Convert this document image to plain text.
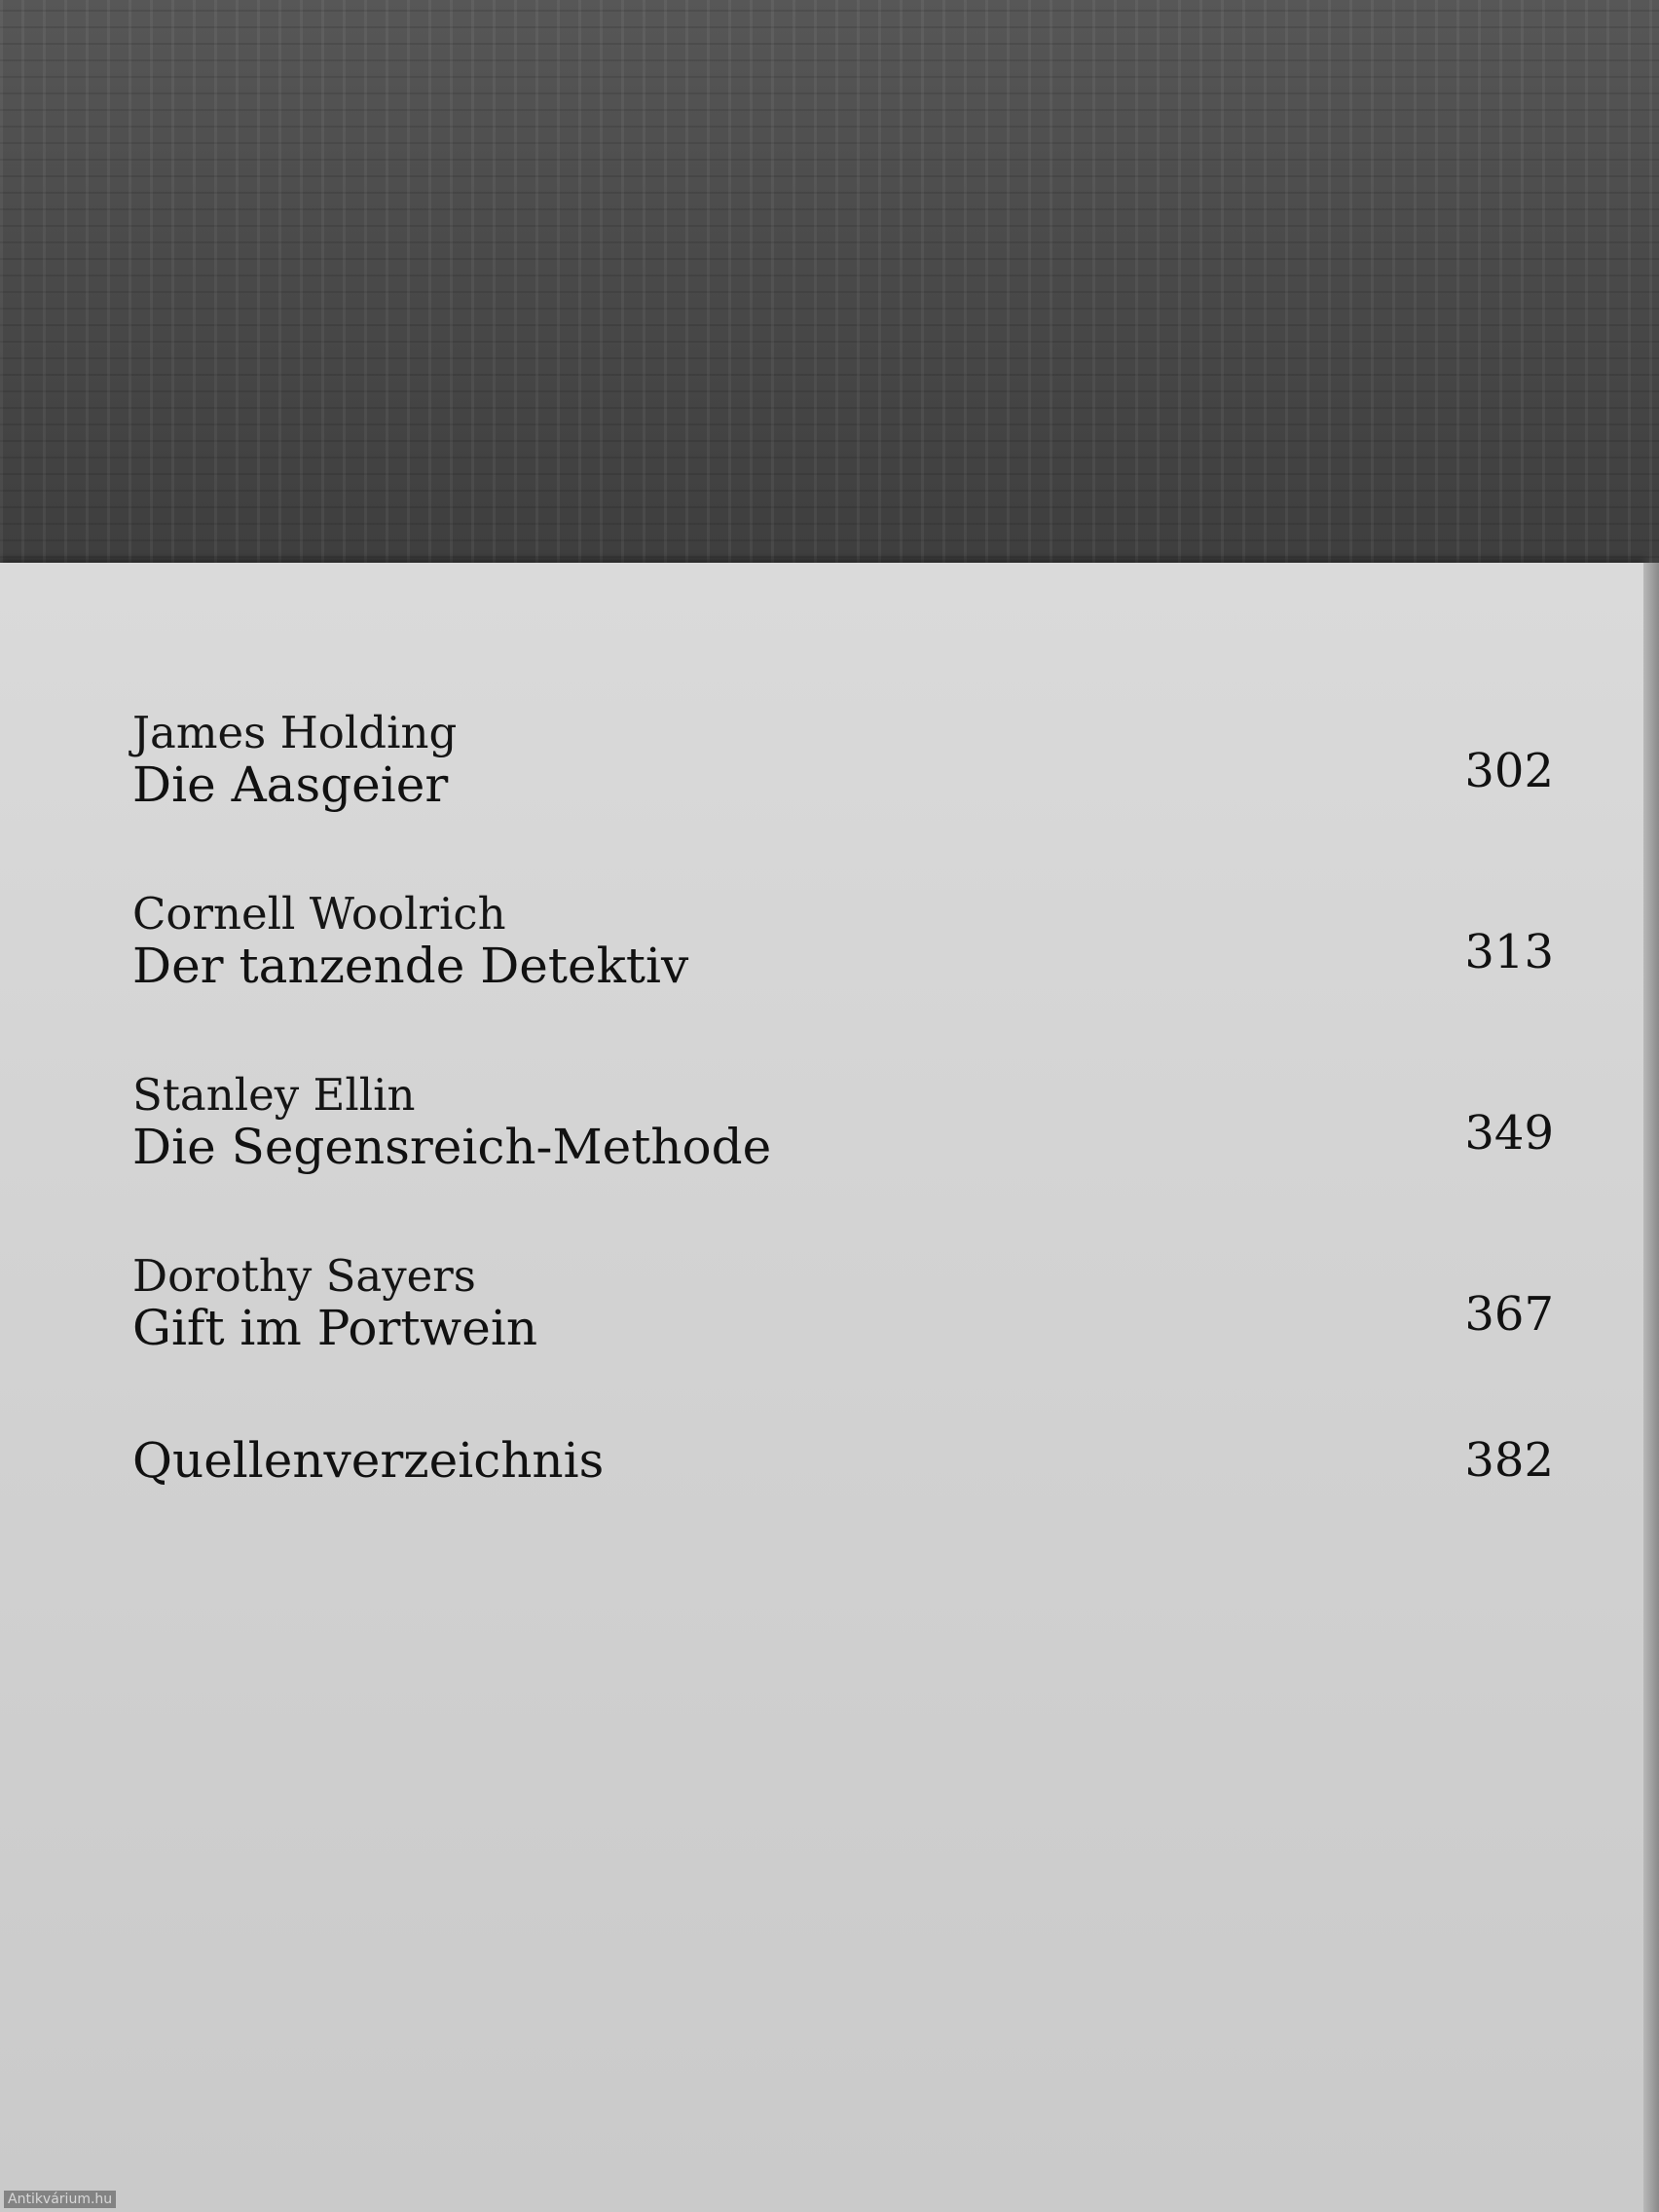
James Holding
Die Aasgeier	302
Cornell Woolrich
Der tanzende Detektiv	313
Stanley Ellin
Die Segensreich-Methode	349
Dorothy Sayers
Gift im Portwein	367
Quellenverzeichnis	382
Antikvárium.hu
